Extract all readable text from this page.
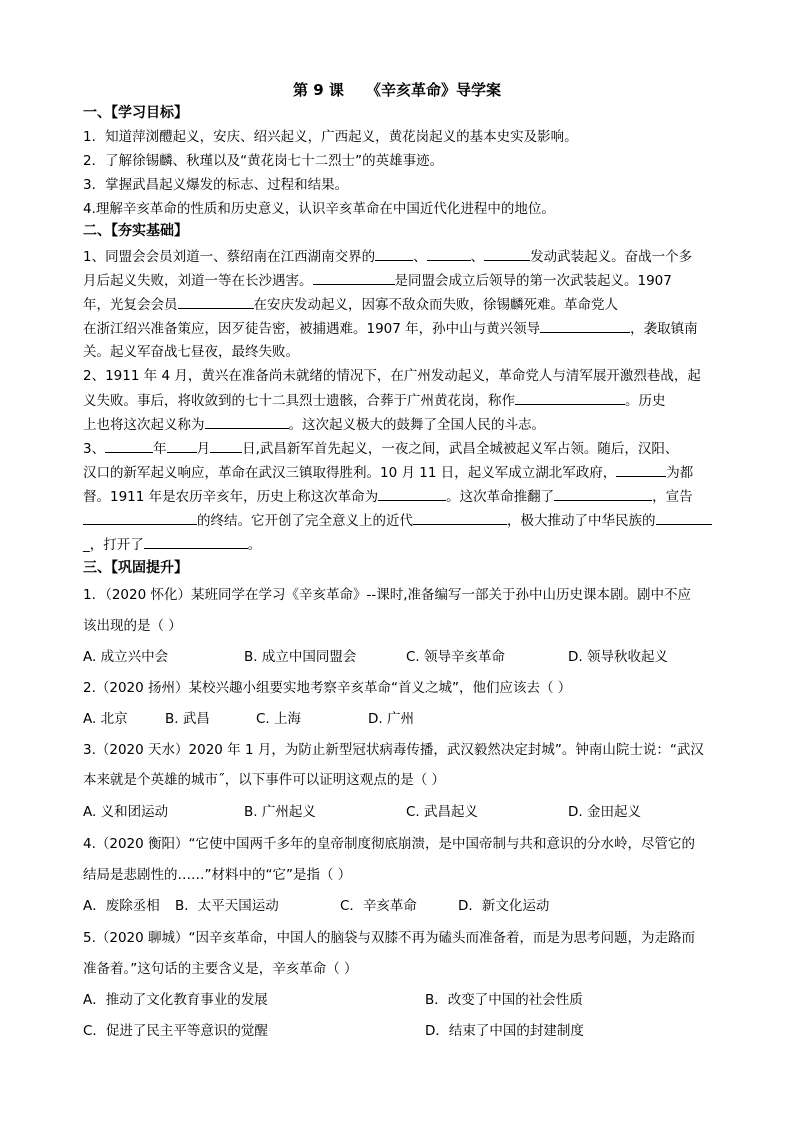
第 9 课 《辛亥革命》导学案
一、【学习目标】
1．知道萍浏醴起义，安庆、绍兴起义，广西起义，黄花岗起义的基本史实及影响。
2．了解徐锡麟、秋瑾以及“黄花岗七十二烈士”的英雄事迹。
3．掌握武昌起义爆发的标志、过程和结果。
4.理解辛亥革命的性质和历史意义，认识辛亥革命在中国近代化进程中的地位。
二、【夯实基础】
1、同盟会会员刘道一、蔡绍南在江西湖南交界的	、	、	发动武装起义。奋战一个多
月后起义失败，刘道一等在长沙遇害。	是同盟会成立后领导的第一次武装起义。1907
年，光复会会员	在安庆发动起义，因寡不敌众而失败，徐锡麟死难。革命党人
在浙江绍兴准备策应，因歹徒告密，被捕遇难。1907 年，孙中山与黄兴领导	，袭取镇南
关。起义军奋战七昼夜，最终失败。
2、1911 年 4 月，黄兴在准备尚未就绪的情况下，在广州发动起义，革命党人与清军展开激烈巷战，起
义失败。事后，将收敛到的七十二具烈士遗骸，合葬于广州黄花岗，称作	。历史
上也将这次起义称为	。这次起义极大的鼓舞了全国人民的斗志。
3、	年 月 日,武昌新军首先起义，一夜之间，武昌全城被起义军占领。随后，汉阳、
汉口的新军起义响应，革命在武汉三镇取得胜利。10 月 11 日，起义军成立湖北军政府，	为都
督。1911 年是农历辛亥年，历史上称这次革命为	。这次革命推翻了	，宣告
的终结。它开创了完全意义上的近代	，极大推动了中华民族的
_，打开了	。
三、【巩固提升】
1．（2020 怀化）某班同学在学习《辛亥革命》--课时,准备编写一部关于孙中山历史课本剧。剧中不应
该出现的是（ ）
A. 成立兴中会	B. 成立中国同盟会	C. 领导辛亥革命	D. 领导秋收起义
2.（2020 扬州）某校兴趣小组要实地考察辛亥革命“首义之城”，他们应该去（ ）
A. 北京	B. 武昌	C. 上海	D. 广州
3.（2020 天水）2020 年 1 月，为防止新型冠状病毒传播，武汉毅然决定封城”。钟南山院士说：“武汉
本来就是个英雄的城市˝，以下事件可以证明这观点的是（ ）
A. 义和团运动	B. 广州起义	C. 武昌起义	D. 金田起义
4.（2020 衡阳）“它使中国两千多年的皇帝制度彻底崩溃，是中国帝制与共和意识的分水岭，尽管它的
结局是悲剧性的……”材料中的“它”是指（ ）
A．废除丞相 B．太平天国运动	C．辛亥革命	D．新文化运动
5.（2020 聊城）“因辛亥革命，中国人的脑袋与双膝不再为磕头而准备着，而是为思考问题，为走路而
准备着。”这句话的主要含义是，辛亥革命（ ）
A．推动了文化教育事业的发展	B．改变了中国的社会性质
C．促进了民主平等意识的觉醒	D．结束了中国的封建制度
